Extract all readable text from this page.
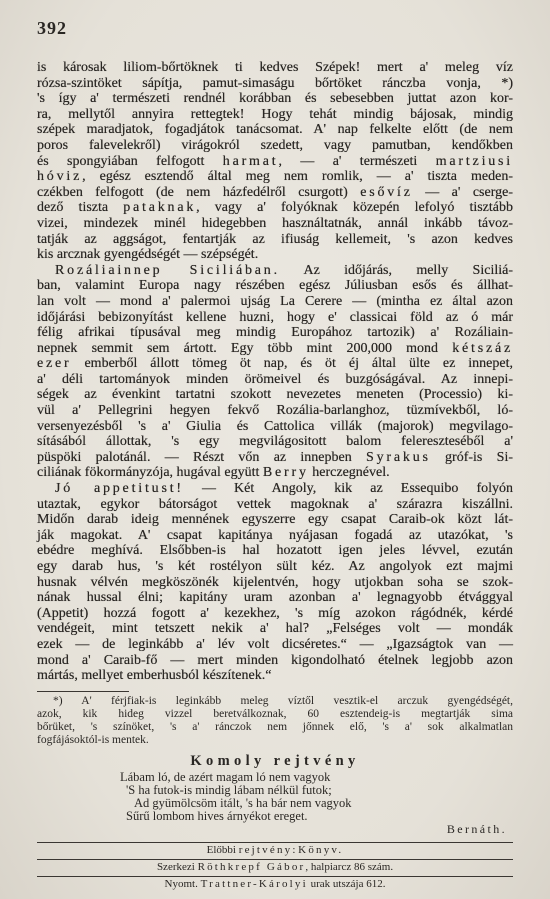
392
is károsak liliom-bőrtöknek ti kedves Szépek! mert a' meleg víz
rózsa-szintöket sápítja, pamut-simaságu bőrtöket ránczba vonja, *)
's így a' természeti rendnél korábban és sebesebben juttat azon kor-
ra, mellytől annyira rettegtek! Hogy tehát mindig bájosak, mindig
szépek maradjatok, fogadjátok tanácsomat. A' nap felkelte előtt (de nem
poros falevelekről) virágokról szedett, vagy pamutban, kendőkben
és spongyiában felfogott harmat, — a' természeti martziusi
hóviz, egész esztendő által meg nem romlik, — a' tiszta meden-
czékben felfogott (de nem házfedélről csurgott) esővíz — a' cserge-
dező tiszta pataknak, vagy a' folyóknak közepén lefolyó tisztább
vizei, mindezek minél hidegebben használtatnák, annál inkább távoz-
tatják az aggságot, fentartják az ifiuság kellemeit, 's azon kedves
kis arcznak gyengédségét — szépségét.
Rozáliainnep Siciliában. Az időjárás, melly Siciliá-
ban, valamint Europa nagy részében egész Júliusban esős és állhat-
lan volt — mond a' palermoi ujság La Cerere — (mintha ez által azon
időjárási bebizonyítást kellene huzni, hogy e' classicai föld az ó már
félig afrikai típusával meg mindig Europához tartozik) a' Rozáliain-
nepnek semmit sem ártott. Egy több mint 200,000 mond kétszáz
ezer emberből állott tömeg öt nap, és öt éj által ülte ez innepet,
a' déli tartományok minden örömeivel és buzgóságával. Az innepi-
ségek az évenkint tartatni szokott nevezetes meneten (Processio) ki-
vül a' Pellegrini hegyen fekvő Rozália-barlanghoz, tüzmívekből, ló-
versenyezésből 's a' Giulia és Cattolica villák (majorok) megvilago-
sításából állottak, 's egy megvilágositott balom felereszteséből a'
püspöki palotánál. — Részt vőn az innepben Syrakus gróf-is Si-
ciliának fökormányzója, hugával együtt Berry herczegnével.
Jó appetitust! — Két Angoly, kik az Essequibo folyón
utaztak, egykor bátorságot vettek magoknak a' szárazra kiszállni.
Midőn darab ideig mennének egyszerre egy csapat Caraib-ok közt lát-
ják magokat. A' csapat kapitánya nyájasan fogadá az utazókat, 's
ebédre meghívá. Elsőbben-is hal hozatott igen jeles lévvel, ezután
egy darab hus, 's két rostélyon sült kéz. Az angolyok ezt majmi
husnak vélvén megköszönék kijelentvén, hogy utjokban soha se szok-
nának hussal élni; kapitány uram azonban a' legnagyobb étvággyal
(Appetit) hozzá fogott a' kezekhez, 's míg azokon rágódnék, kérdé
vendégeit, mint tetszett nekik a' hal? „Felséges volt — mondák
ezek — de leginkább a' lév volt dicséretes.“ — „Igazságtok van —
mond a' Caraib-fő — mert minden kigondolható ételnek legjobb azon
mártás, mellyet emberhusból készítenek.“
*) A' férjfiak-is leginkább meleg víztől vesztik-el arczuk gyengédségét,
azok, kik hideg vizzel beretválkoznak, 60 esztendeig-is megtartják sima
bőrüket, 's színöket, 's a' ránczok nem jőnnek elő, 's a' sok alkalmatlan
fogfájásoktól-is mentek.
Komoly rejtvény
Lábam ló, de azért magam ló nem vagyok
'S ha futok-is mindig lábam nélkül futok;
Ad gyümölcsöm itált, 's ha bár nem vagyok
Sűrű lombom hives árnyékot ereget.
Bernáth.
Előbbi rejtvény: Könyv.
Szerkezi Röthkrepf Gábor, halpiarcz 86 szám.
Nyomt. Trattner-Károlyi urak utszája 612.
